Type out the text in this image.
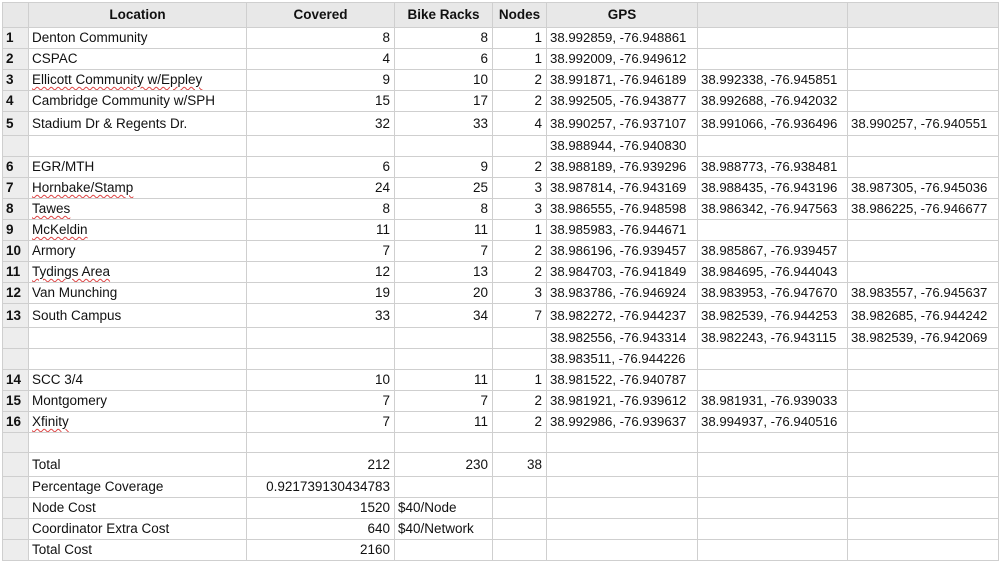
	Location	Covered	Bike Racks	Nodes	GPS		
1	Denton Community	8	8	1	38.992859, -76.948861		
2	CSPAC	4	6	1	38.992009, -76.949612		
3	Ellicott Community w/Eppley	9	10	2	38.991871, -76.946189	38.992338, -76.945851	
4	Cambridge Community w/SPH	15	17	2	38.992505, -76.943877	38.992688, -76.942032	
5	Stadium Dr & Regents Dr.	32	33	4	38.990257, -76.937107	38.991066, -76.936496	38.990257, -76.940551
					38.988944, -76.940830		
6	EGR/MTH	6	9	2	38.988189, -76.939296	38.988773, -76.938481	
7	Hornbake/Stamp	24	25	3	38.987814, -76.943169	38.988435, -76.943196	38.987305, -76.945036
8	Tawes	8	8	3	38.986555, -76.948598	38.986342, -76.947563	38.986225, -76.946677
9	McKeldin	11	11	1	38.985983, -76.944671		
10	Armory	7	7	2	38.986196, -76.939457	38.985867, -76.939457	
11	Tydings Area	12	13	2	38.984703, -76.941849	38.984695, -76.944043	
12	Van Munching	19	20	3	38.983786, -76.946924	38.983953, -76.947670	38.983557, -76.945637
13	South Campus	33	34	7	38.982272, -76.944237	38.982539, -76.944253	38.982685, -76.944242
					38.982556, -76.943314	38.982243, -76.943115	38.982539, -76.942069
					38.983511, -76.944226		
14	SCC 3/4	10	11	1	38.981522, -76.940787		
15	Montgomery	7	7	2	38.981921, -76.939612	38.981931, -76.939033	
16	Xfinity	7	11	2	38.992986, -76.939637	38.994937, -76.940516	

	Total	212	230	38			
	Percentage Coverage	0.921739130434783					
	Node Cost	1520	$40/Node				
	Coordinator Extra Cost	640	$40/Network				
	Total Cost	2160					
